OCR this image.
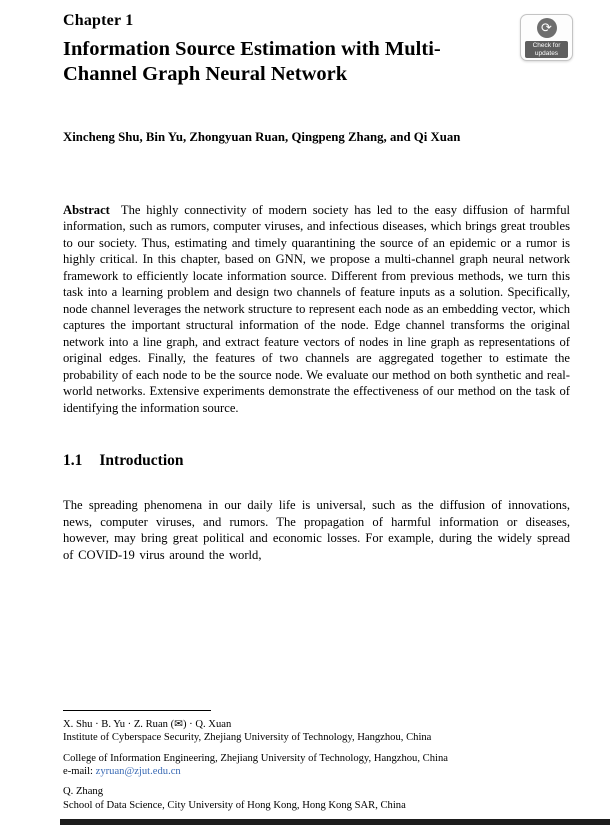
⟳
Check for
updates
Chapter 1
Information Source Estimation with Multi-Channel Graph Neural Network
Xincheng Shu, Bin Yu, Zhongyuan Ruan, Qingpeng Zhang, and Qi Xuan

Abstract The highly connectivity of modern society has led to the easy diffusion of harmful information, such as rumors, computer viruses, and infectious diseases, which brings great troubles to our society. Thus, estimating and timely quarantining the source of an epidemic or a rumor is highly critical. In this chapter, based on GNN, we propose a multi-channel graph neural network framework to efficiently locate information source. Different from previous methods, we turn this task into a learning problem and design two channels of feature inputs as a solution. Specifically, node channel leverages the network structure to represent each node as an embedding vector, which captures the important structural information of the node. Edge channel transforms the original network into a line graph, and extract feature vectors of nodes in line graph as representations of original edges. Finally, the features of two channels are aggregated together to estimate the probability of each node to be the source node. We evaluate our method on both synthetic and real-world networks. Extensive experiments demonstrate the effectiveness of our method on the task of identifying the information source.

1.1 Introduction

The spreading phenomena in our daily life is universal, such as the diffusion of innovations, news, computer viruses, and rumors. The propagation of harmful information or diseases, however, may bring great political and economic losses. For example, during the widely spread of COVID-19 virus around the world,

X. Shu · B. Yu · Z. Ruan (✉) · Q. Xuan
Institute of Cyberspace Security, Zhejiang University of Technology, Hangzhou, China
College of Information Engineering, Zhejiang University of Technology, Hangzhou, China
e-mail: zyruan@zjut.edu.cn
Q. Zhang
School of Data Science, City University of Hong Kong, Hong Kong SAR, China
